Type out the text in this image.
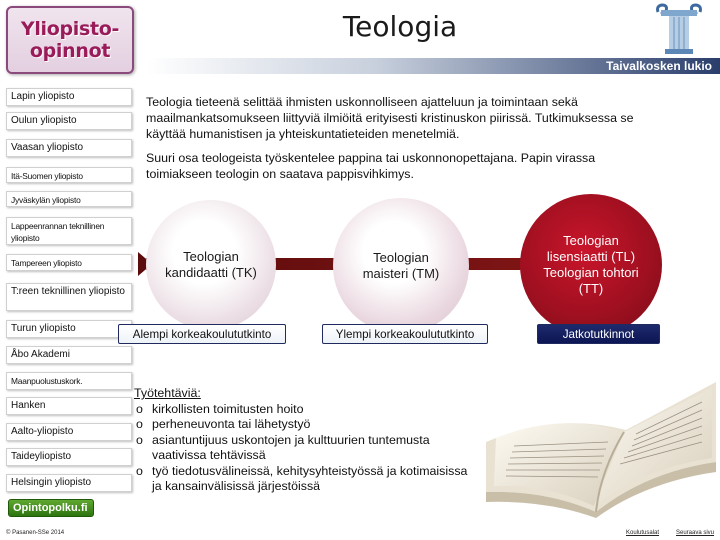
Yliopisto-
opinnot
Teologia
Taivalkosken lukio
Lapin yliopisto
Oulun yliopisto
Vaasan yliopisto
Itä-Suomen yliopisto
Jyväskylän yliopisto
Lappeenrannan teknillinen yliopisto
Tampereen yliopisto
T:reen teknillinen yliopisto
Turun yliopisto
Åbo Akademi
Maanpuolustuskork.
Hanken
Aalto-yliopisto
Taideyliopisto
Helsingin yliopisto
Opintopolku.fi
© Pasanen-SSe 2014

Teologia tieteenä selittää ihmisten uskonnolliseen ajatteluun ja toimintaan sekä maailmankatsomukseen liittyviä ilmiöitä erityisesti kristinuskon piirissä. Tutkimuksessa se käyttää humanistisen ja yhteiskuntatieteiden menetelmiä.

Suuri osa teologeista työskentelee pappina tai uskonnonopettajana. Papin virassa toimiakseen teologin on saatava pappisvihkimys.

Teologian kandidaatti (TK)
Teologian maisteri (TM)
Teologian lisensiaatti (TL) Teologian tohtori (TT)
Alempi korkeakoulututkinto	Ylempi korkeakoulututkinto	Jatkotutkinnot
Työtehtäviä:
o kirkollisten toimitusten hoito
o perheneuvonta tai lähetystyö
o asiantuntijuus uskontojen ja kulttuurien tuntemusta vaativissa tehtävissä
o työ tiedotusvälineissä, kehitysyhteistyössä ja kotimaisissa ja kansainvälisissä järjestöissä
Koulutusalat	Seuraava sivu
